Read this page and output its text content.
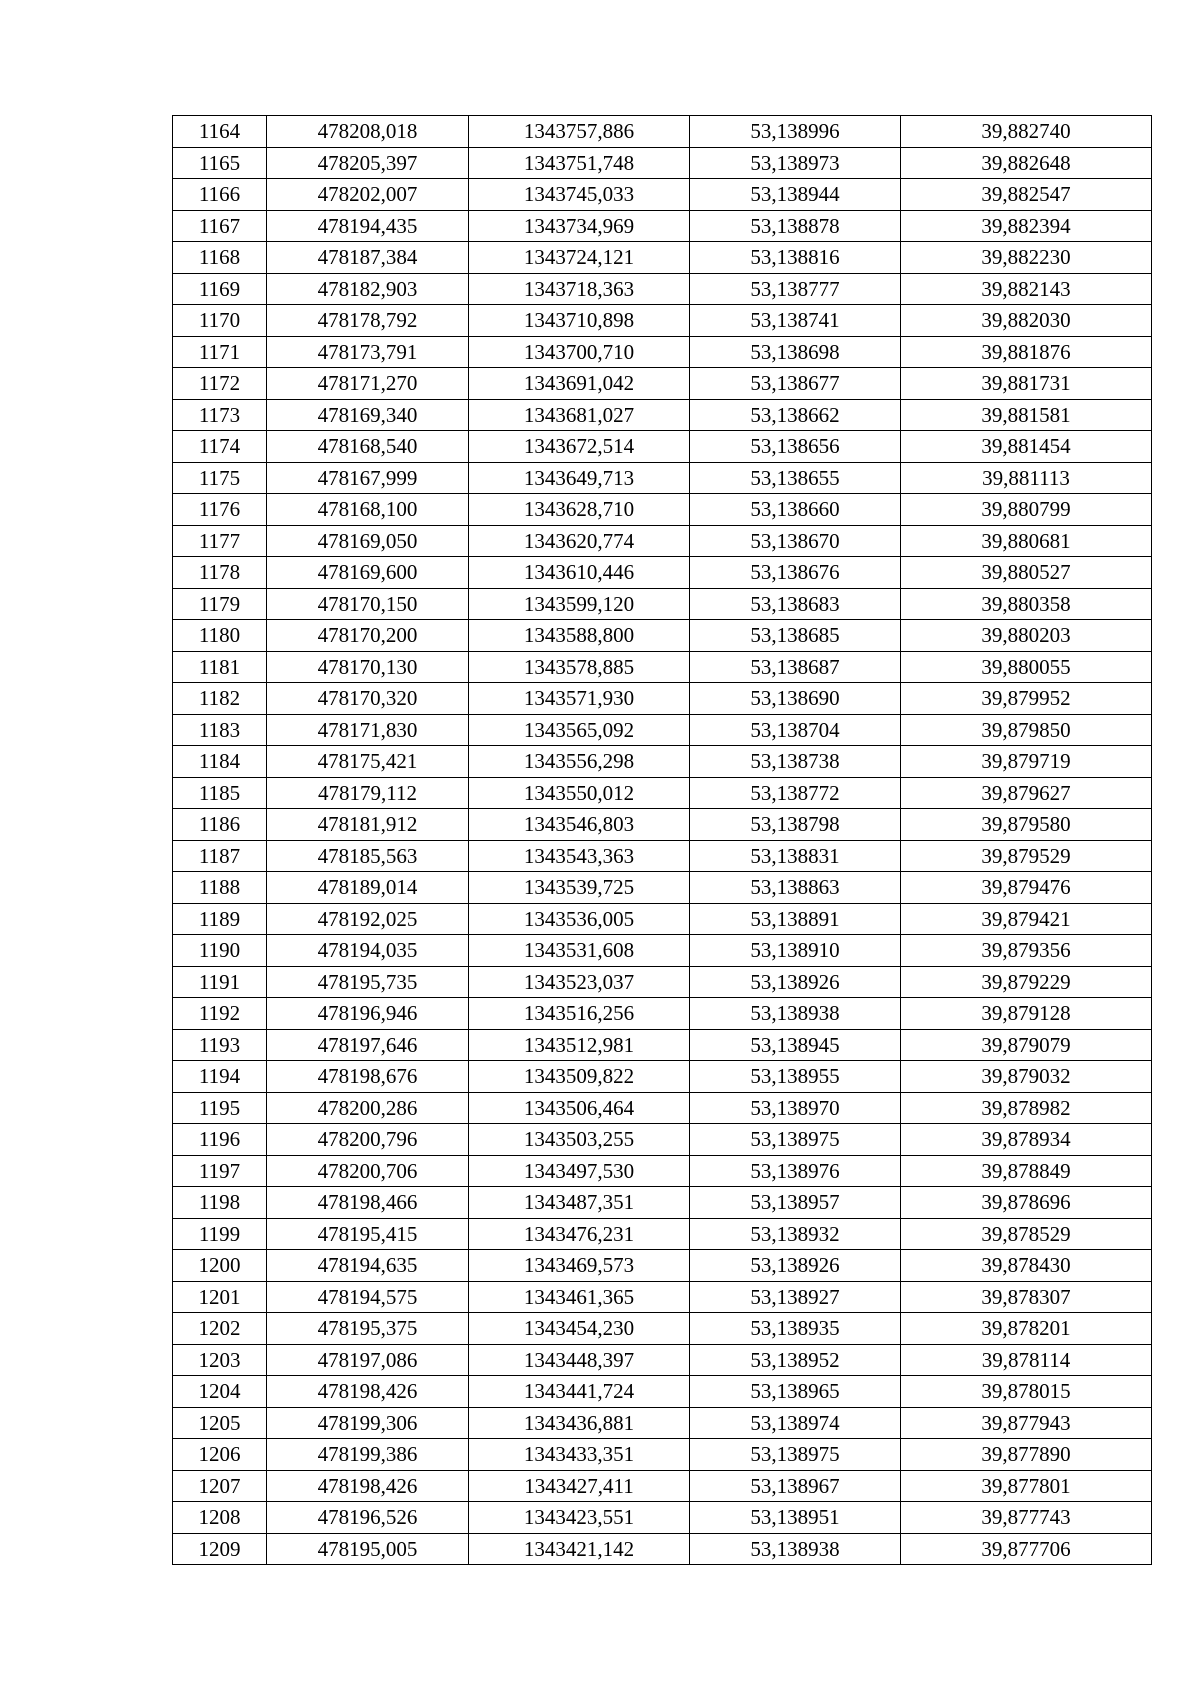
1164	478208,018	1343757,886	53,138996	39,882740
1165	478205,397	1343751,748	53,138973	39,882648
1166	478202,007	1343745,033	53,138944	39,882547
1167	478194,435	1343734,969	53,138878	39,882394
1168	478187,384	1343724,121	53,138816	39,882230
1169	478182,903	1343718,363	53,138777	39,882143
1170	478178,792	1343710,898	53,138741	39,882030
1171	478173,791	1343700,710	53,138698	39,881876
1172	478171,270	1343691,042	53,138677	39,881731
1173	478169,340	1343681,027	53,138662	39,881581
1174	478168,540	1343672,514	53,138656	39,881454
1175	478167,999	1343649,713	53,138655	39,881113
1176	478168,100	1343628,710	53,138660	39,880799
1177	478169,050	1343620,774	53,138670	39,880681
1178	478169,600	1343610,446	53,138676	39,880527
1179	478170,150	1343599,120	53,138683	39,880358
1180	478170,200	1343588,800	53,138685	39,880203
1181	478170,130	1343578,885	53,138687	39,880055
1182	478170,320	1343571,930	53,138690	39,879952
1183	478171,830	1343565,092	53,138704	39,879850
1184	478175,421	1343556,298	53,138738	39,879719
1185	478179,112	1343550,012	53,138772	39,879627
1186	478181,912	1343546,803	53,138798	39,879580
1187	478185,563	1343543,363	53,138831	39,879529
1188	478189,014	1343539,725	53,138863	39,879476
1189	478192,025	1343536,005	53,138891	39,879421
1190	478194,035	1343531,608	53,138910	39,879356
1191	478195,735	1343523,037	53,138926	39,879229
1192	478196,946	1343516,256	53,138938	39,879128
1193	478197,646	1343512,981	53,138945	39,879079
1194	478198,676	1343509,822	53,138955	39,879032
1195	478200,286	1343506,464	53,138970	39,878982
1196	478200,796	1343503,255	53,138975	39,878934
1197	478200,706	1343497,530	53,138976	39,878849
1198	478198,466	1343487,351	53,138957	39,878696
1199	478195,415	1343476,231	53,138932	39,878529
1200	478194,635	1343469,573	53,138926	39,878430
1201	478194,575	1343461,365	53,138927	39,878307
1202	478195,375	1343454,230	53,138935	39,878201
1203	478197,086	1343448,397	53,138952	39,878114
1204	478198,426	1343441,724	53,138965	39,878015
1205	478199,306	1343436,881	53,138974	39,877943
1206	478199,386	1343433,351	53,138975	39,877890
1207	478198,426	1343427,411	53,138967	39,877801
1208	478196,526	1343423,551	53,138951	39,877743
1209	478195,005	1343421,142	53,138938	39,877706
